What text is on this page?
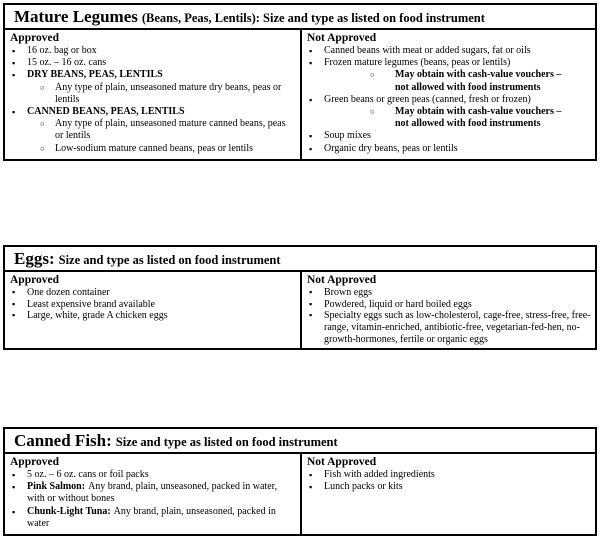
Mature Legumes (Beans, Peas, Lentils): Size and type as listed on food instrument
Approved
▪ 16 oz. bag or box
▪ 15 oz. – 16 oz. cans
▪ DRY BEANS, PEAS, LENTILS
○ Any type of plain, unseasoned mature dry beans, peas or lentils
▪ CANNED BEANS, PEAS, LENTILS
○ Any type of plain, unseasoned mature canned beans, peas or lentils
○ Low-sodium mature canned beans, peas or lentils
Not Approved
▪ Canned beans with meat or added sugars, fat or oils
▪ Frozen mature legumes (beans, peas or lentils)
○ May obtain with cash-value vouchers –
not allowed with food instruments
▪ Green beans or green peas (canned, fresh or frozen)
○ May obtain with cash-value vouchers –
not allowed with food instruments
▪ Soup mixes
▪ Organic dry beans, peas or lentils
Eggs: Size and type as listed on food instrument
Approved
▪ One dozen container
▪ Least expensive brand available
▪ Large, white, grade A chicken eggs
Not Approved
▪ Brown eggs
▪ Powdered, liquid or hard boiled eggs
▪ Specialty eggs such as low-cholesterol, cage-free, stress-free, free-range, vitamin-enriched, antibiotic-free, vegetarian-fed-hen, no-growth-hormones, fertile or organic eggs
Canned Fish: Size and type as listed on food instrument
Approved
▪ 5 oz. – 6 oz. cans or foil packs
▪ Pink Salmon: Any brand, plain, unseasoned, packed in water, with or without bones
▪ Chunk-Light Tuna: Any brand, plain, unseasoned, packed in water
Not Approved
▪ Fish with added ingredients
▪ Lunch packs or kits
